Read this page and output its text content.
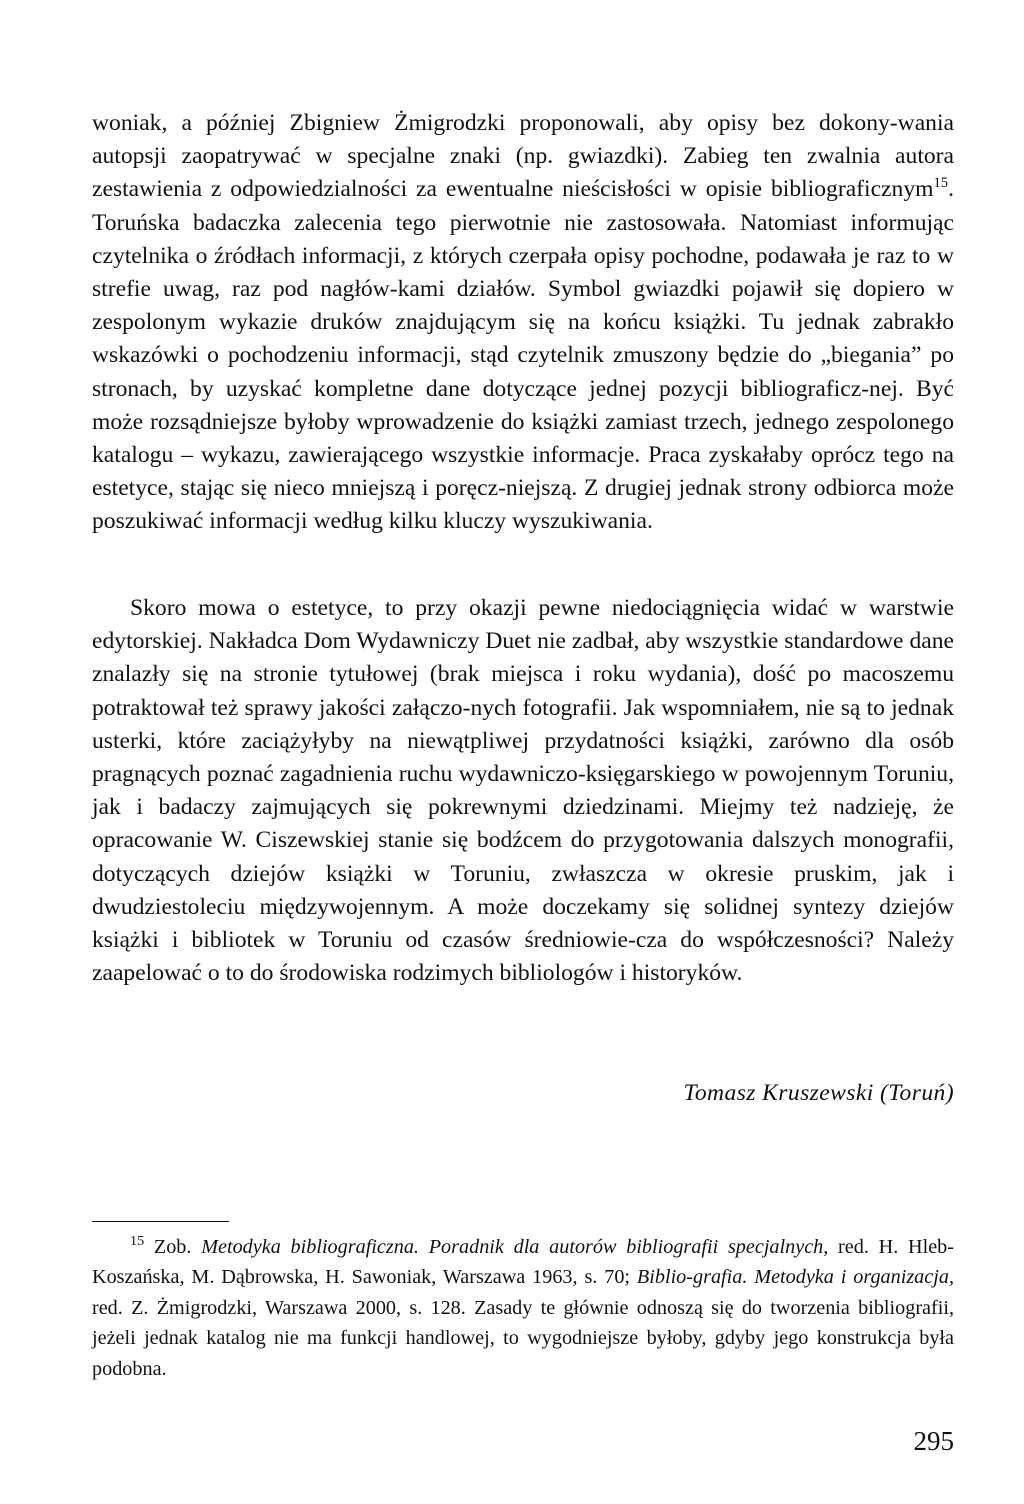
woniak, a później Zbigniew Żmigrodzki proponowali, aby opisy bez dokony-wania autopsji zaopatrywać w specjalne znaki (np. gwiazdki). Zabieg ten zwalnia autora zestawienia z odpowiedzialności za ewentualne nieścisłości w opisie bibliograficznym$^{15}$. Toruńska badaczka zalecenia tego pierwotnie nie zastosowała. Natomiast informując czytelnika o źródłach informacji, z których czerpała opisy pochodne, podawała je raz to w strefie uwag, raz pod nagłów-kami działów. Symbol gwiazdki pojawił się dopiero w zespolonym wykazie druków znajdującym się na końcu książki. Tu jednak zabrakło wskazówki o pochodzeniu informacji, stąd czytelnik zmuszony będzie do „biegania” po stronach, by uzyskać kompletne dane dotyczące jednej pozycji bibliograficz-nej. Być może rozsądniejsze byłoby wprowadzenie do książki zamiast trzech, jednego zespolonego katalogu – wykazu, zawierającego wszystkie informacje. Praca zyskałaby oprócz tego na estetyce, stając się nieco mniejszą i poręcz-niejszą. Z drugiej jednak strony odbiorca może poszukiwać informacji według kilku kluczy wyszukiwania.

Skoro mowa o estetyce, to przy okazji pewne niedociągnięcia widać w warstwie edytorskiej. Nakładca Dom Wydawniczy Duet nie zadbał, aby wszystkie standardowe dane znalazły się na stronie tytułowej (brak miejsca i roku wydania), dość po macoszemu potraktował też sprawy jakości załączo-nych fotografii. Jak wspomniałem, nie są to jednak usterki, które zaciążyłyby na niewątpliwej przydatności książki, zarówno dla osób pragnących poznać zagadnienia ruchu wydawniczo-księgarskiego w powojennym Toruniu, jak i badaczy zajmujących się pokrewnymi dziedzinami. Miejmy też nadzieję, że opracowanie W. Ciszewskiej stanie się bodźcem do przygotowania dalszych monografii, dotyczących dziejów książki w Toruniu, zwłaszcza w okresie pruskim, jak i dwudziestoleciu międzywojennym. A może doczekamy się solidnej syntezy dziejów książki i bibliotek w Toruniu od czasów średniowie-cza do współczesności? Należy zaapelować o to do środowiska rodzimych bibliologów i historyków.

Tomasz Kruszewski (Toruń)

$^{15}$ Zob. Metodyka bibliograficzna. Poradnik dla autorów bibliografii specjalnych, red. H. Hleb-Koszańska, M. Dąbrowska, H. Sawoniak, Warszawa 1963, s. 70; Biblio-grafia. Metodyka i organizacja, red. Z. Żmigrodzki, Warszawa 2000, s. 128. Zasady te głównie odnoszą się do tworzenia bibliografii, jeżeli jednak katalog nie ma funkcji handlowej, to wygodniejsze byłoby, gdyby jego konstrukcja była podobna.

295
